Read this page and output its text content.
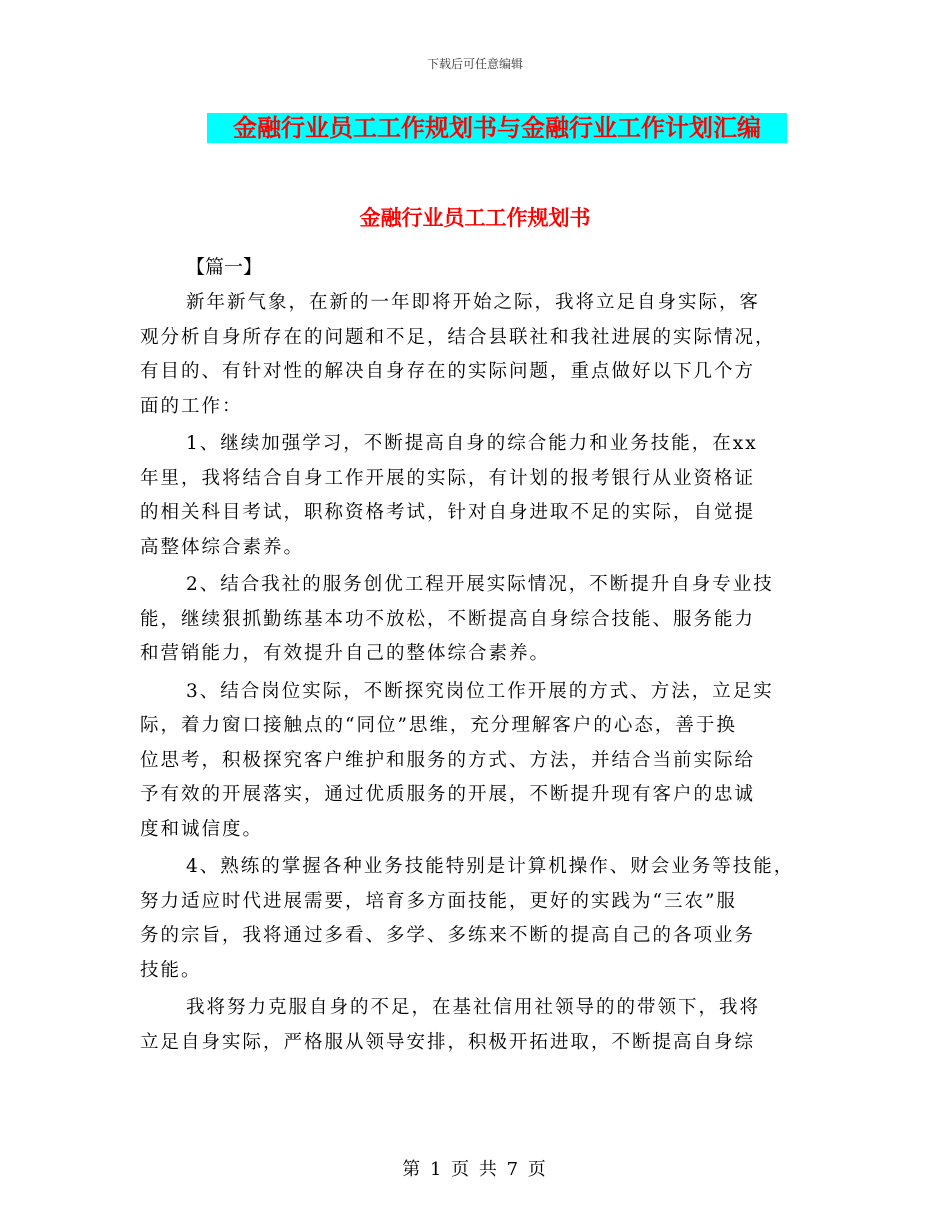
下载后可任意编辑
金融行业员工工作规划书与金融行业工作计划汇编
金融行业员工工作规划书
【篇一】
新年新气象，在新的一年即将开始之际，我将立足自身实际，客
观分析自身所存在的问题和不足，结合县联社和我社进展的实际情况，
有目的、有针对性的解决自身存在的实际问题，重点做好以下几个方
面的工作：
1、继续加强学习，不断提高自身的综合能力和业务技能，在xx
年里，我将结合自身工作开展的实际，有计划的报考银行从业资格证
的相关科目考试，职称资格考试，针对自身进取不足的实际，自觉提
高整体综合素养。
2、结合我社的服务创优工程开展实际情况，不断提升自身专业技
能，继续狠抓勤练基本功不放松，不断提高自身综合技能、服务能力
和营销能力，有效提升自己的整体综合素养。
3、结合岗位实际，不断探究岗位工作开展的方式、方法，立足实
际，着力窗口接触点的“同位”思维，充分理解客户的心态，善于换
位思考，积极探究客户维护和服务的方式、方法，并结合当前实际给
予有效的开展落实，通过优质服务的开展，不断提升现有客户的忠诚
度和诚信度。
4、熟练的掌握各种业务技能特别是计算机操作、财会业务等技能，
努力适应时代进展需要，培育多方面技能，更好的实践为“三农”服
务的宗旨，我将通过多看、多学、多练来不断的提高自己的各项业务
技能。
我将努力克服自身的不足，在基社信用社领导的的带领下，我将
立足自身实际，严格服从领导安排，积极开拓进取，不断提高自身综
第 1 页 共 7 页
